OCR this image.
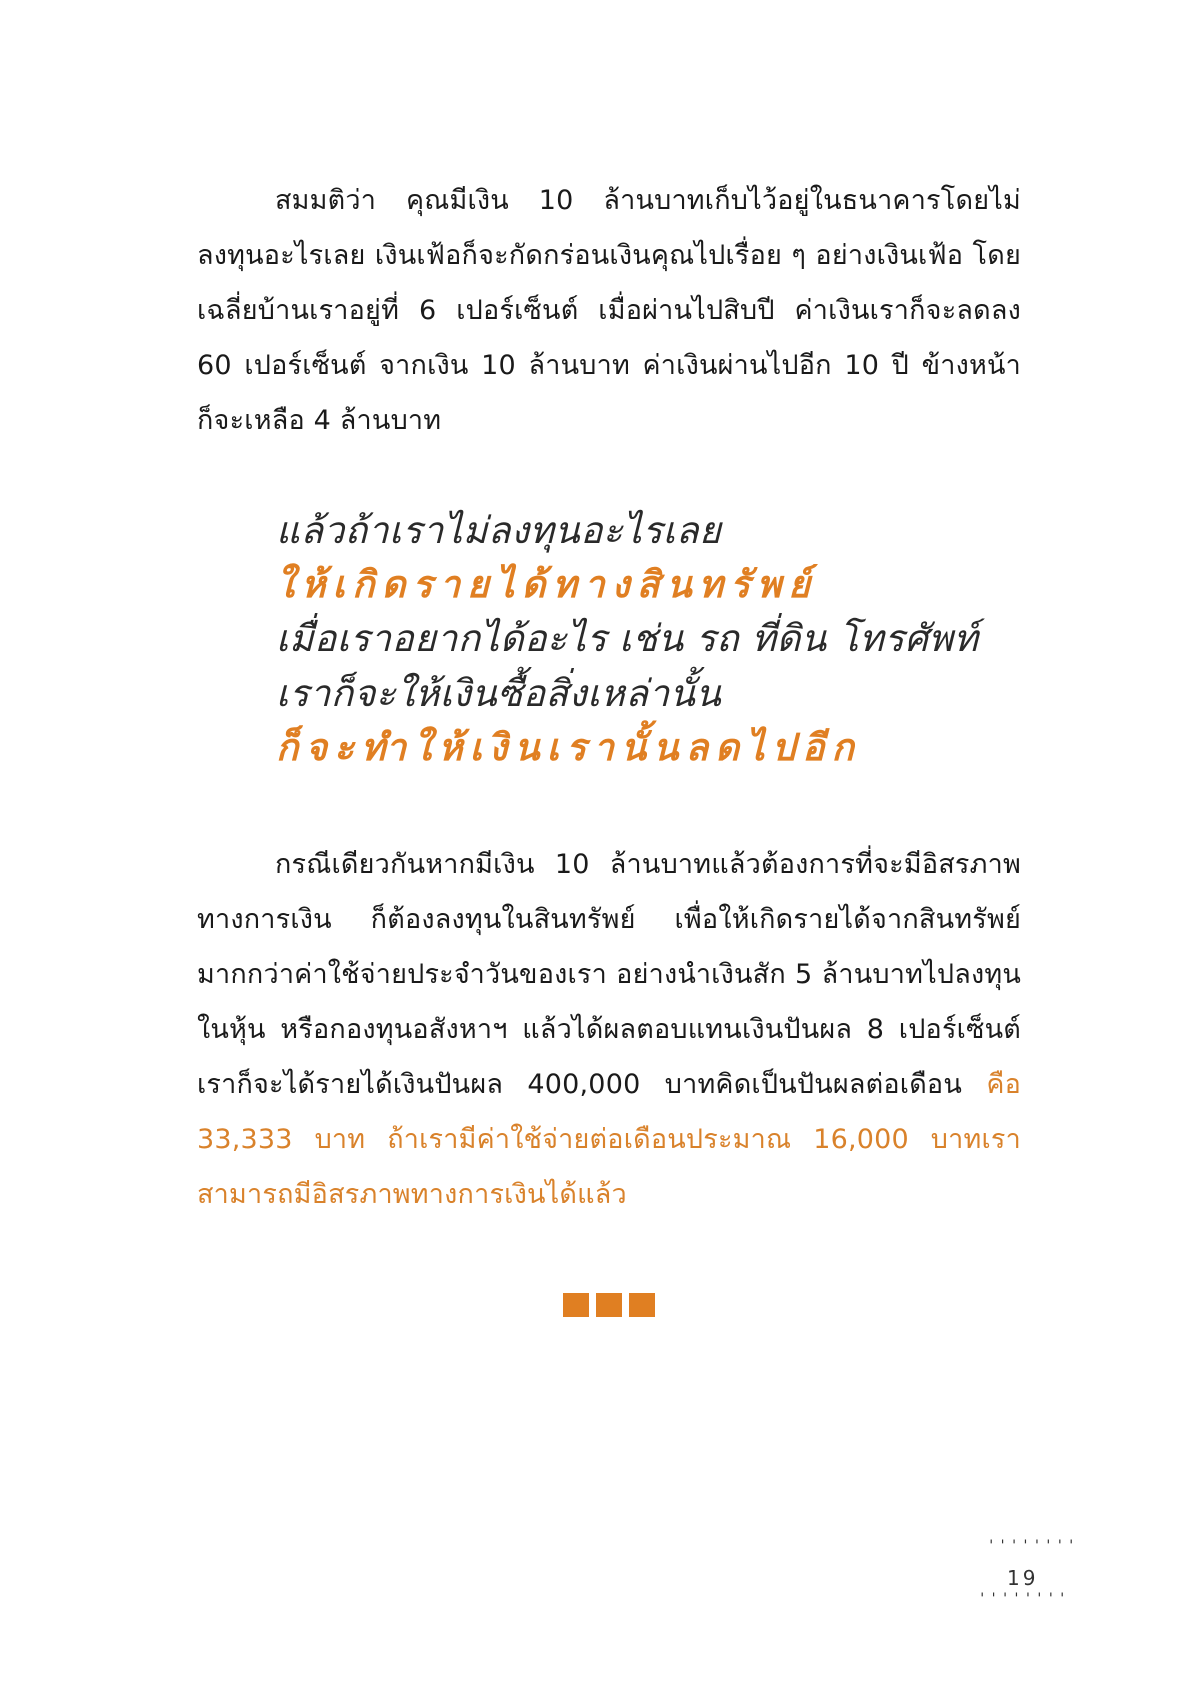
สมมติว่า คุณมีเงิน 10 ล้านบาทเก็บไว้อยู่ในธนาคารโดยไม่
ลงทุนอะไรเลย เงินเฟ้อก็จะกัดกร่อนเงินคุณไปเรื่อย ๆ อย่างเงินเฟ้อ โดย
เฉลี่ยบ้านเราอยู่ที่ 6 เปอร์เซ็นต์ เมื่อผ่านไปสิบปี ค่าเงินเราก็จะลดลง
60 เปอร์เซ็นต์ จากเงิน 10 ล้านบาท ค่าเงินผ่านไปอีก 10 ปี ข้างหน้า
ก็จะเหลือ 4 ล้านบาท
แล้วถ้าเราไม่ลงทุนอะไรเลย
ให้เกิดรายได้ทางสินทรัพย์
เมื่อเราอยากได้อะไร เช่น รถ ที่ดิน โทรศัพท์
เราก็จะให้เงินซื้อสิ่งเหล่านั้น
ก็จะทำให้เงินเรานั้นลดไปอีก
กรณีเดียวกันหากมีเงิน 10 ล้านบาทแล้วต้องการที่จะมีอิสรภาพ
ทางการเงิน ก็ต้องลงทุนในสินทรัพย์ เพื่อให้เกิดรายได้จากสินทรัพย์
มากกว่าค่าใช้จ่ายประจำวันของเรา อย่างนำเงินสัก 5 ล้านบาทไปลงทุน
ในหุ้น หรือกองทุนอสังหาฯ แล้วได้ผลตอบแทนเงินปันผล 8 เปอร์เซ็นต์
เราก็จะได้รายได้เงินปันผล 400,000 บาทคิดเป็นปันผลต่อเดือน คือ
33,333 บาท ถ้าเรามีค่าใช้จ่ายต่อเดือนประมาณ 16,000 บาทเรา
สามารถมีอิสรภาพทางการเงินได้แล้ว
''''''''
19
''''''''
